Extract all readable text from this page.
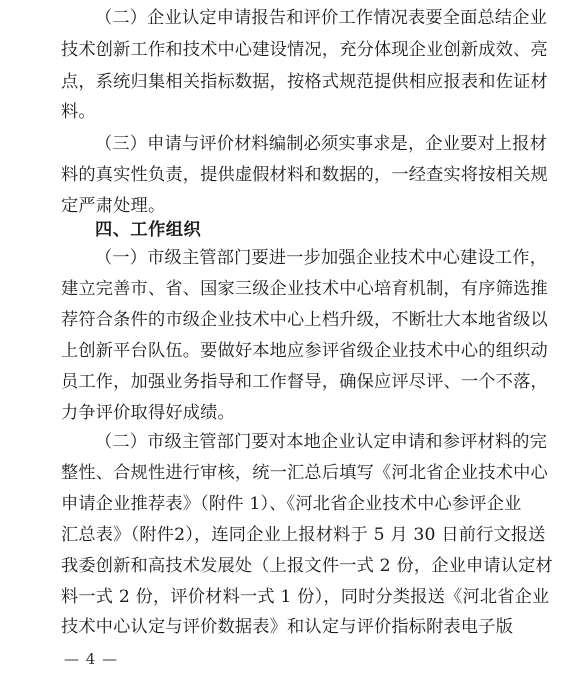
（二）企业认定申请报告和评价工作情况表要全面总结企业
技术创新工作和技术中心建设情况，充分体现企业创新成效、亮
点，系统归集相关指标数据，按格式规范提供相应报表和佐证材
料。
（三）申请与评价材料编制必须实事求是，企业要对上报材
料的真实性负责，提供虚假材料和数据的，一经查实将按相关规
定严肃处理。
四、工作组织
（一）市级主管部门要进一步加强企业技术中心建设工作，
建立完善市、省、国家三级企业技术中心培育机制，有序筛选推
荐符合条件的市级企业技术中心上档升级，不断壮大本地省级以
上创新平台队伍。要做好本地应参评省级企业技术中心的组织动
员工作，加强业务指导和工作督导，确保应评尽评、一个不落，
力争评价取得好成绩。
（二）市级主管部门要对本地企业认定申请和参评材料的完
整性、合规性进行审核，统一汇总后填写《河北省企业技术中心
申请企业推荐表》（附件 1）、《河北省企业技术中心参评企业
汇总表》（附件2），连同企业上报材料于 5 月 30 日前行文报送
我委创新和高技术发展处（上报文件一式 2 份，企业申请认定材
料一式 2 份，评价材料一式 1 份），同时分类报送《河北省企业
技术中心认定与评价数据表》和认定与评价指标附表电子版
— 4 —
